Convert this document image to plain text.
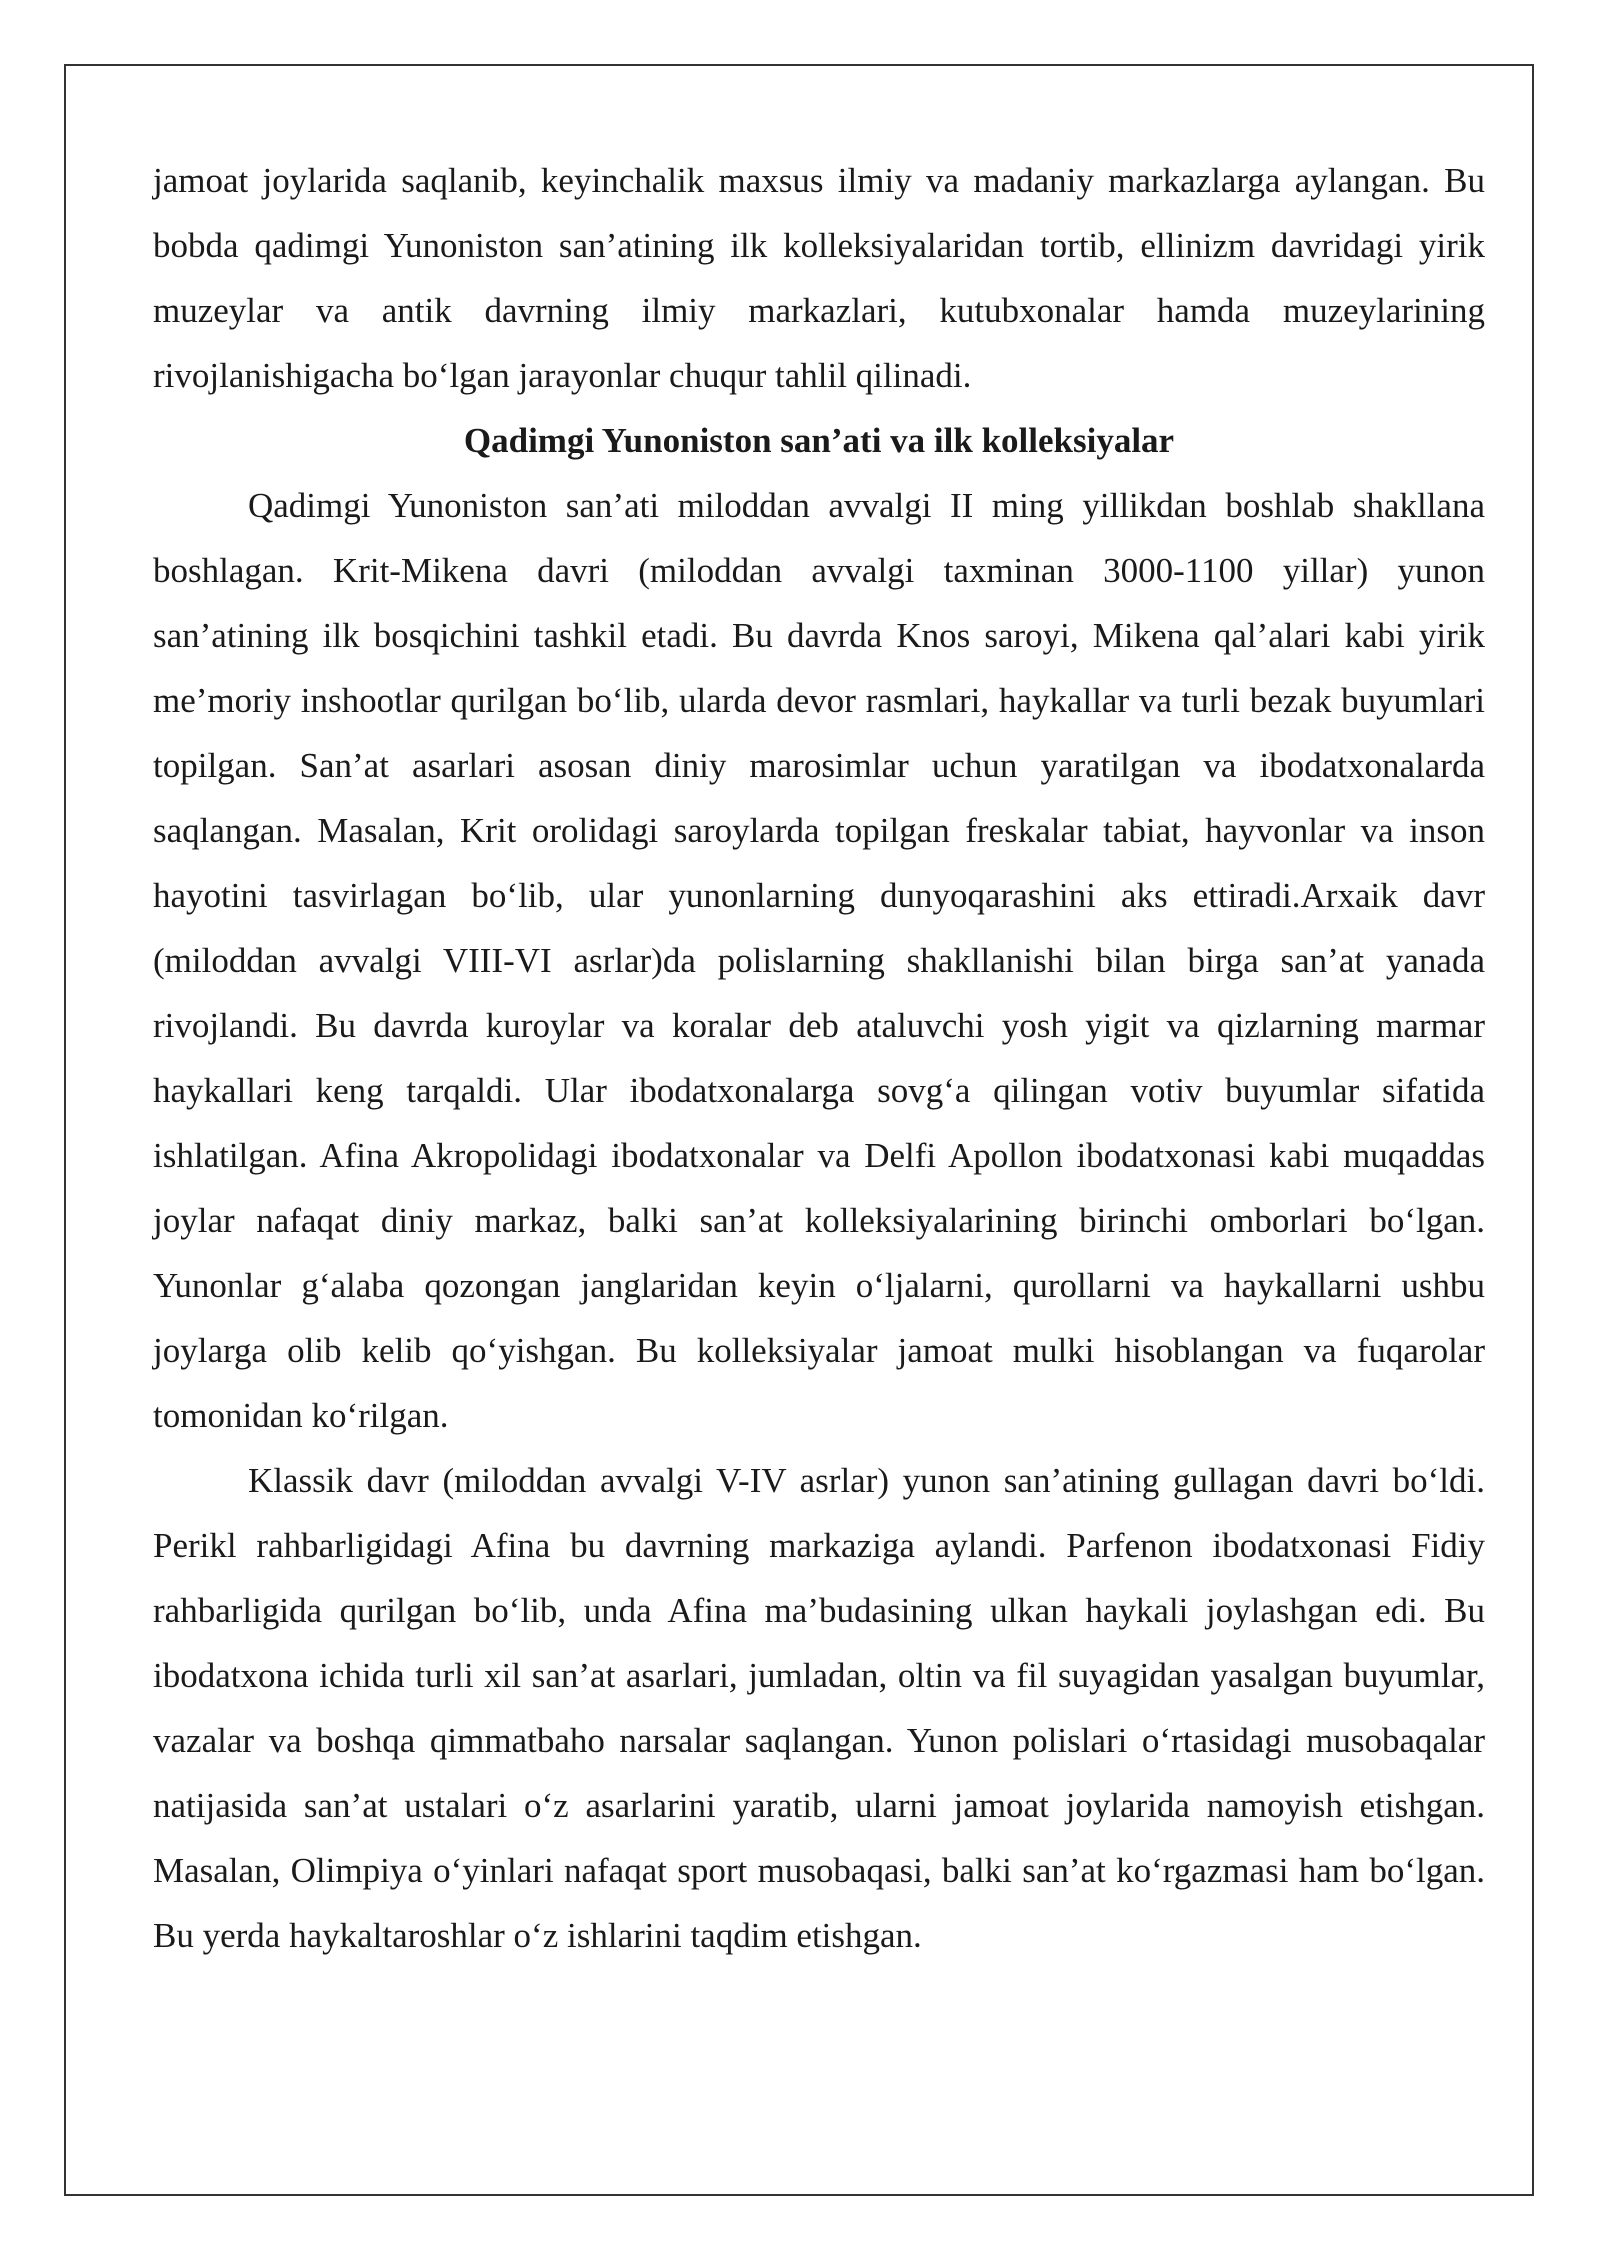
jamoat joylarida saqlanib, keyinchalik maxsus ilmiy va madaniy markazlarga aylangan. Bu bobda qadimgi Yunoniston san’atining ilk kolleksiyalaridan tortib, ellinizm davridagi yirik muzeylar va antik davrning ilmiy markazlari, kutubxonalar hamda muzeylarining rivojlanishigacha bo‘lgan jarayonlar chuqur tahlil qilinadi.

Qadimgi Yunoniston san’ati va ilk kolleksiyalar

Qadimgi Yunoniston san’ati miloddan avvalgi II ming yillikdan boshlab shakllana boshlagan. Krit-Mikena davri (miloddan avvalgi taxminan 3000-1100 yillar) yunon san’atining ilk bosqichini tashkil etadi. Bu davrda Knos saroyi, Mikena qal’alari kabi yirik me’moriy inshootlar qurilgan bo‘lib, ularda devor rasmlari, haykallar va turli bezak buyumlari topilgan. San’at asarlari asosan diniy marosimlar uchun yaratilgan va ibodatxonalarda saqlangan. Masalan, Krit orolidagi saroylarda topilgan freskalar tabiat, hayvonlar va inson hayotini tasvirlagan bo‘lib, ular yunonlarning dunyoqarashini aks ettiradi.Arxaik davr (miloddan avvalgi VIII-VI asrlar)da polislarning shakllanishi bilan birga san’at yanada rivojlandi. Bu davrda kuroylar va koralar deb ataluvchi yosh yigit va qizlarning marmar haykallari keng tarqaldi. Ular ibodatxonalarga sovg‘a qilingan votiv buyumlar sifatida ishlatilgan. Afina Akropolidagi ibodatxonalar va Delfi Apollon ibodatxonasi kabi muqaddas joylar nafaqat diniy markaz, balki san’at kolleksiyalarining birinchi omborlari bo‘lgan. Yunonlar g‘alaba qozongan janglaridan keyin o‘ljalarni, qurollarni va haykallarni ushbu joylarga olib kelib qo‘yishgan. Bu kolleksiyalar jamoat mulki hisoblangan va fuqarolar tomonidan ko‘rilgan.

Klassik davr (miloddan avvalgi V-IV asrlar) yunon san’atining gullagan davri bo‘ldi. Perikl rahbarligidagi Afina bu davrning markaziga aylandi. Parfenon ibodatxonasi Fidiy rahbarligida qurilgan bo‘lib, unda Afina ma’budasining ulkan haykali joylashgan edi. Bu ibodatxona ichida turli xil san’at asarlari, jumladan, oltin va fil suyagidan yasalgan buyumlar, vazalar va boshqa qimmatbaho narsalar saqlangan. Yunon polislari o‘rtasidagi musobaqalar natijasida san’at ustalari o‘z asarlarini yaratib, ularni jamoat joylarida namoyish etishgan. Masalan, Olimpiya o‘yinlari nafaqat sport musobaqasi, balki san’at ko‘rgazmasi ham bo‘lgan. Bu yerda haykaltaroshlar o‘z ishlarini taqdim etishgan.
